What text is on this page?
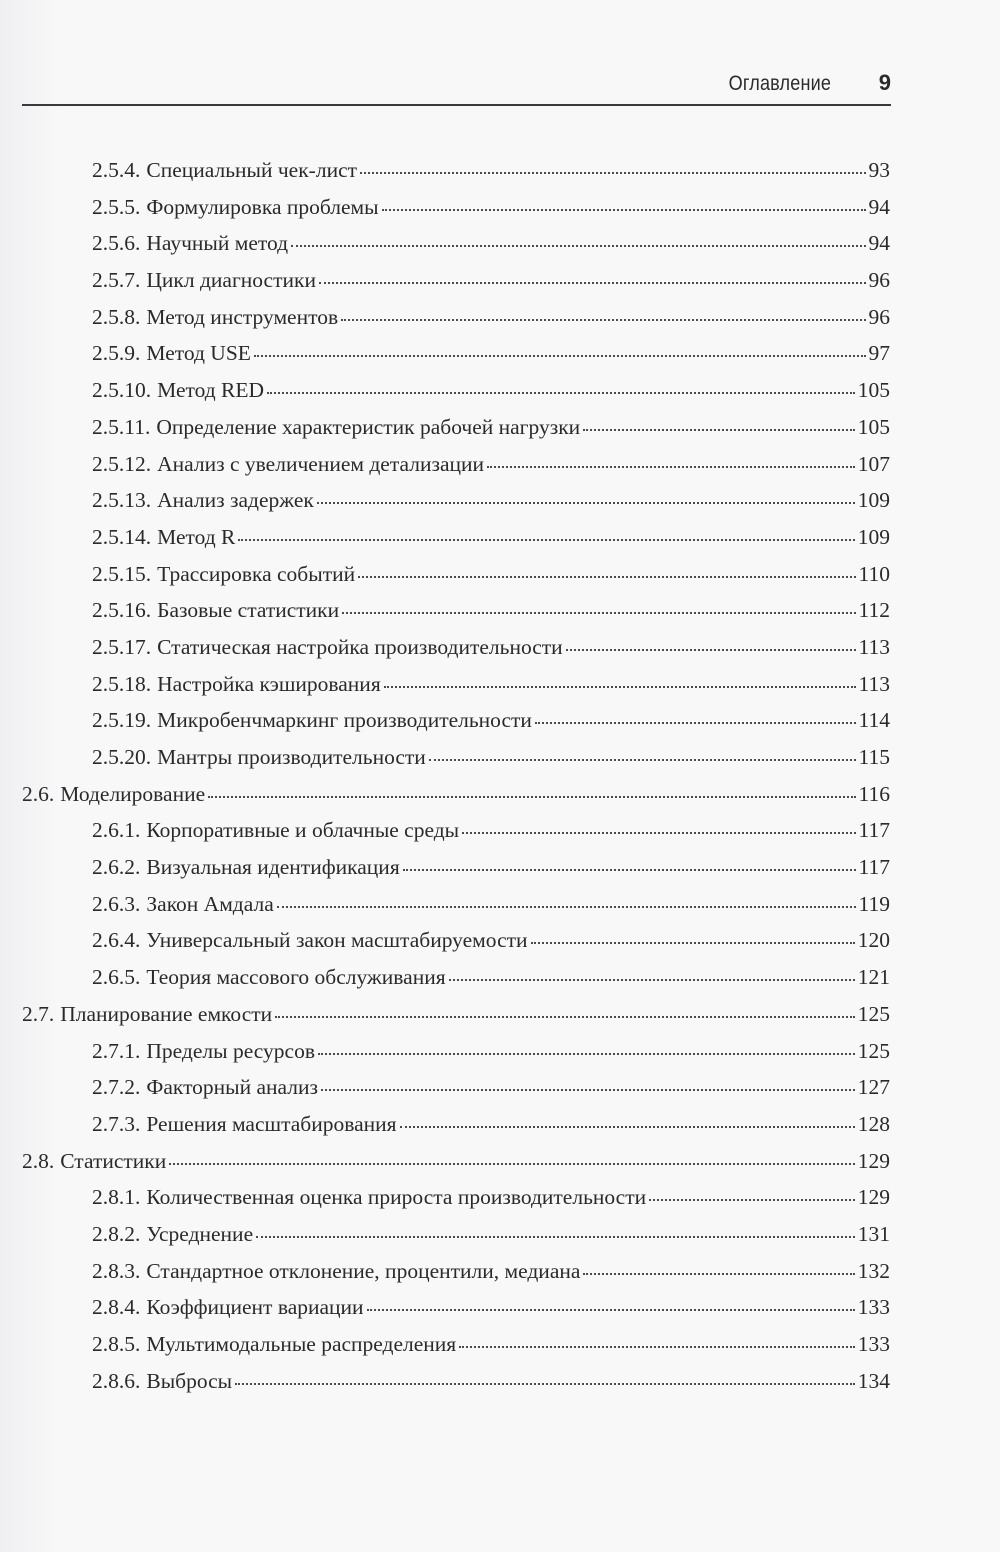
Оглавление 9
2.5.4. Специальный чек-лист	93
2.5.5. Формулировка проблемы	94
2.5.6. Научный метод	94
2.5.7. Цикл диагностики	96
2.5.8. Метод инструментов	96
2.5.9. Метод USE	97
2.5.10. Метод RED	105
2.5.11. Определение характеристик рабочей нагрузки	105
2.5.12. Анализ с увеличением детализации	107
2.5.13. Анализ задержек	109
2.5.14. Метод R	109
2.5.15. Трассировка событий	110
2.5.16. Базовые статистики	112
2.5.17. Статическая настройка производительности	113
2.5.18. Настройка кэширования	113
2.5.19. Микробенчмаркинг производительности	114
2.5.20. Мантры производительности	115
2.6. Моделирование	116
2.6.1. Корпоративные и облачные среды	117
2.6.2. Визуальная идентификация	117
2.6.3. Закон Амдала	119
2.6.4. Универсальный закон масштабируемости	120
2.6.5. Теория массового обслуживания	121
2.7. Планирование емкости	125
2.7.1. Пределы ресурсов	125
2.7.2. Факторный анализ	127
2.7.3. Решения масштабирования	128
2.8. Статистики	129
2.8.1. Количественная оценка прироста производительности	129
2.8.2. Усреднение	131
2.8.3. Стандартное отклонение, процентили, медиана	132
2.8.4. Коэффициент вариации	133
2.8.5. Мультимодальные распределения	133
2.8.6. Выбросы	134
